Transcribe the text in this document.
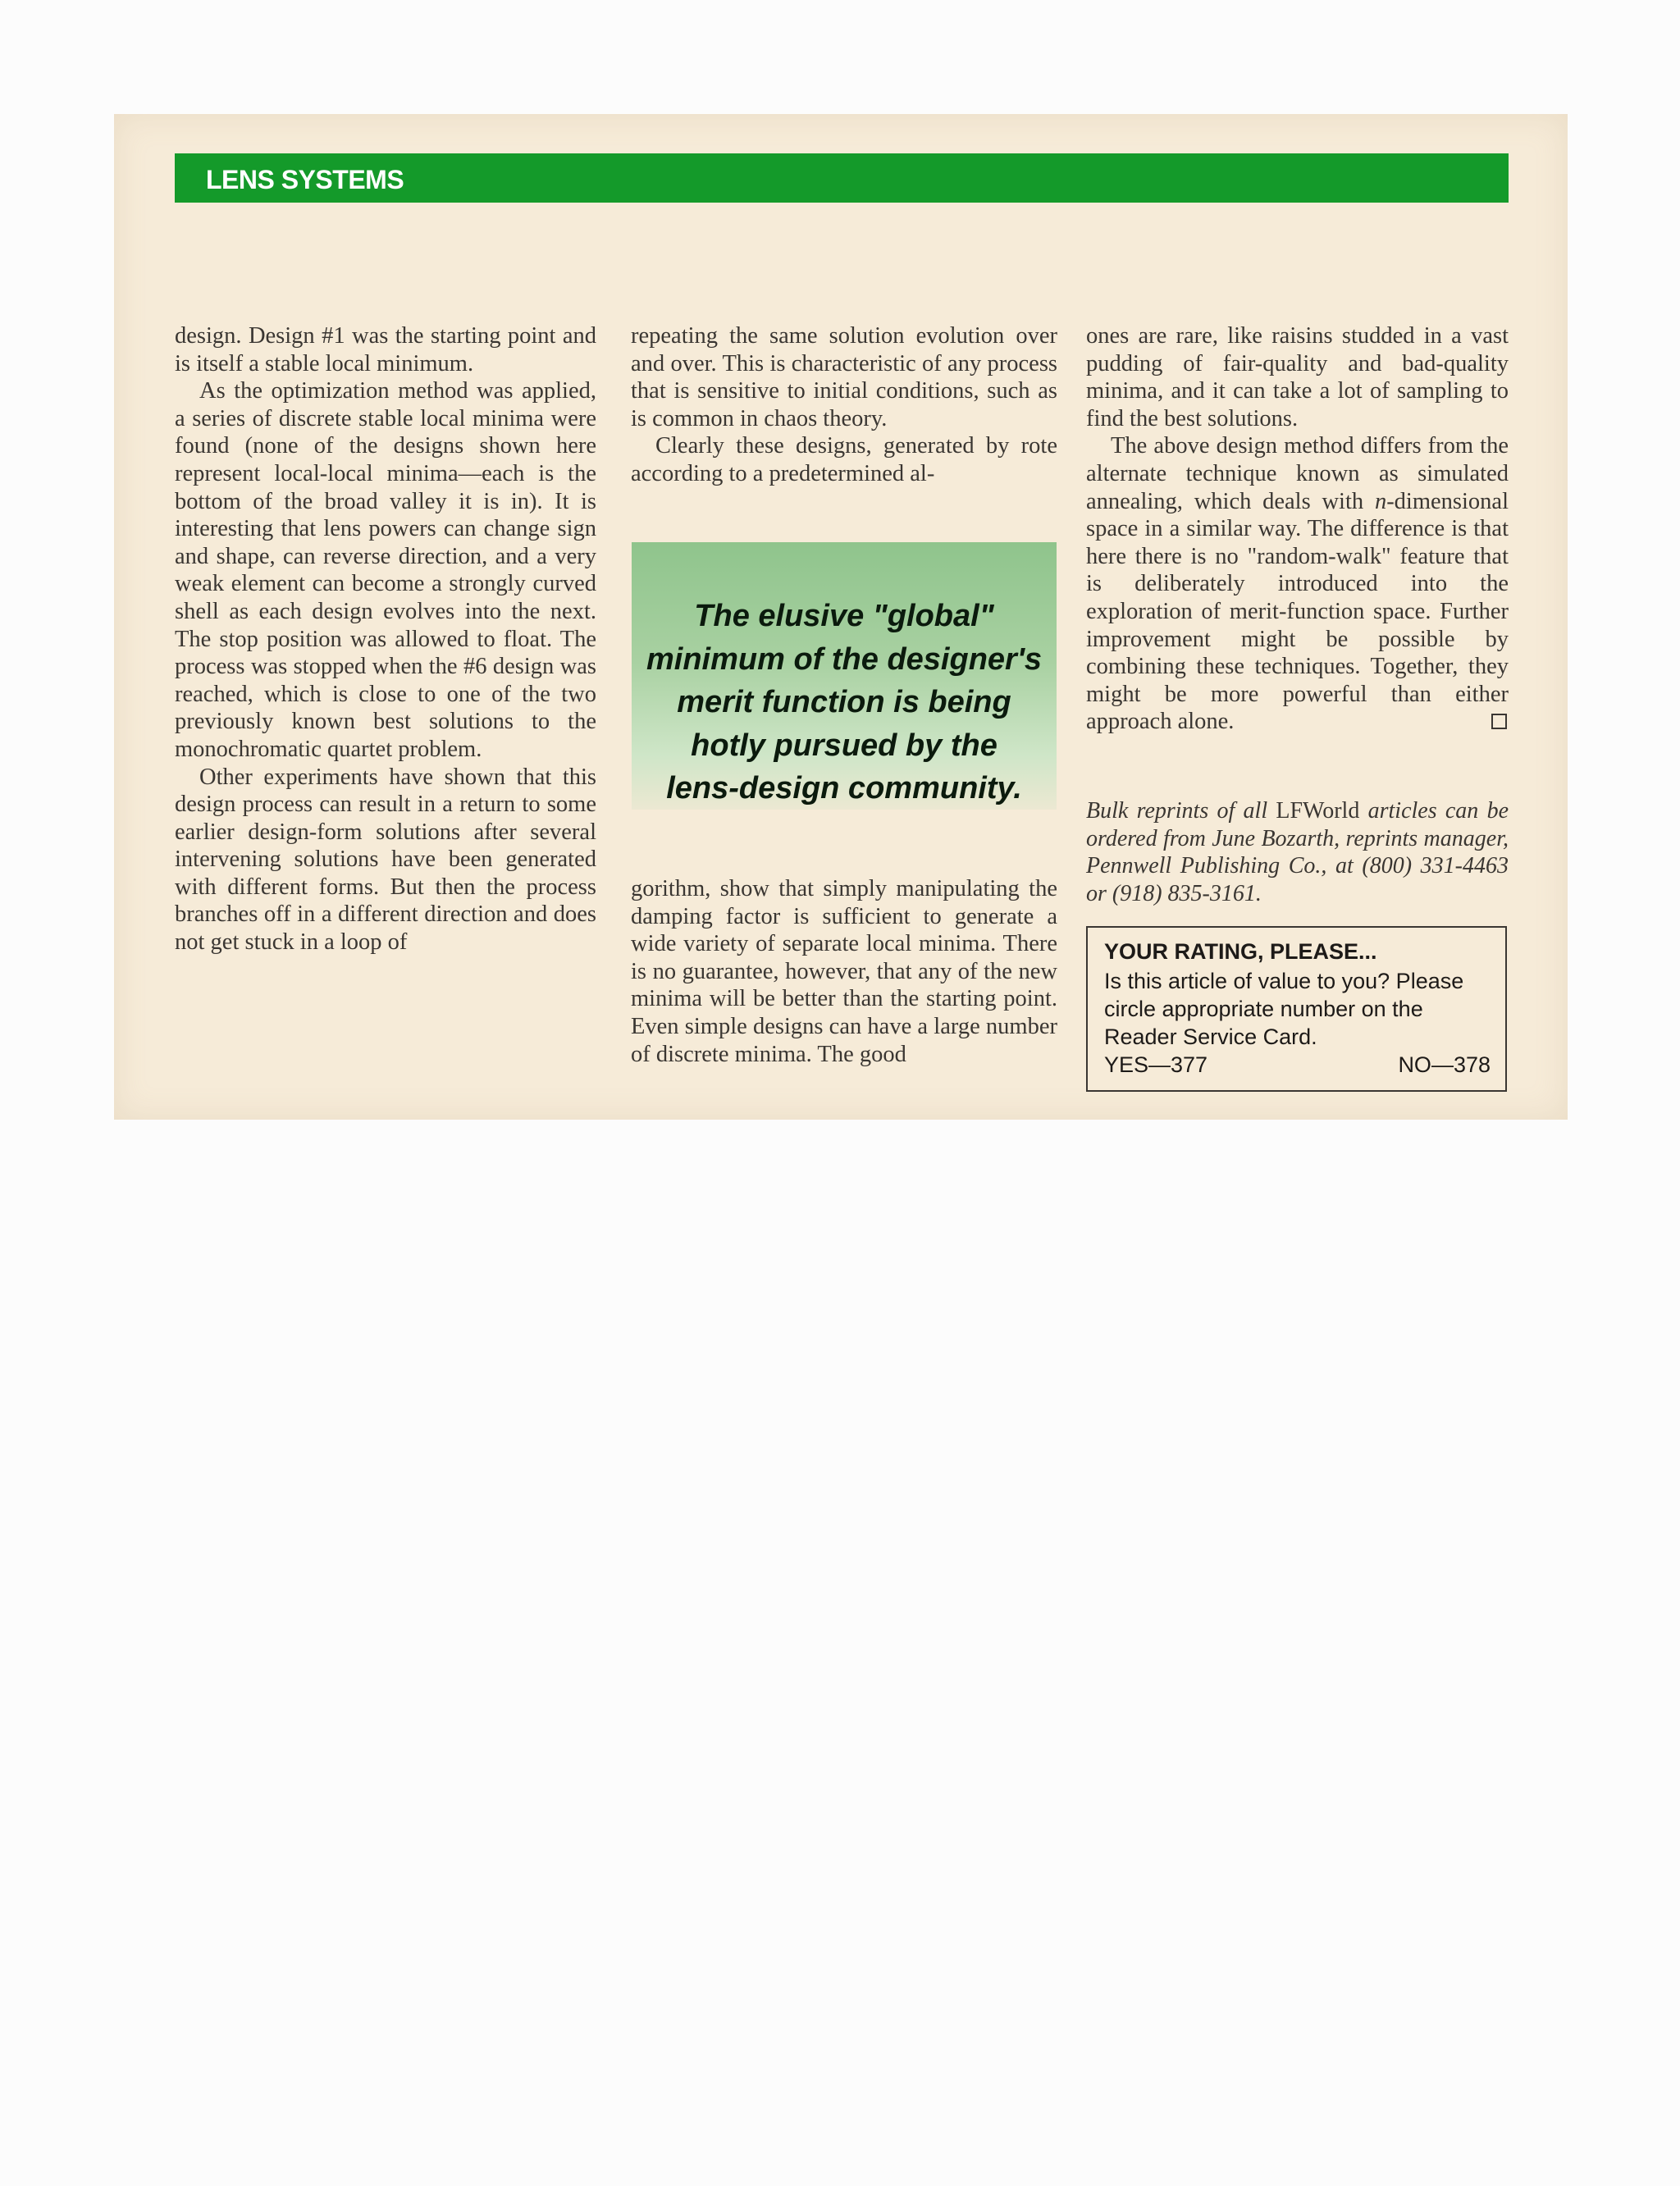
LENS SYSTEMS

design. Design #1 was the starting point and is itself a stable local minimum.

As the optimization method was applied, a series of discrete stable local minima were found (none of the designs shown here represent local-local minima—each is the bottom of the broad valley it is in). It is interesting that lens powers can change sign and shape, can reverse direction, and a very weak element can become a strongly curved shell as each design evolves into the next. The stop position was allowed to float. The process was stopped when the #6 design was reached, which is close to one of the two previously known best solutions to the monochromatic quartet problem.

Other experiments have shown that this design process can result in a return to some earlier design-form solutions after several intervening solutions have been generated with different forms. But then the process branches off in a different direction and does not get stuck in a loop of

repeating the same solution evolution over and over. This is characteristic of any process that is sensitive to initial conditions, such as is common in chaos theory.

Clearly these designs, generated by rote according to a predetermined al-

The elusive "global"
minimum of the designer's
merit function is being
hotly pursued by the
lens-design community.

gorithm, show that simply manipulating the damping factor is sufficient to generate a wide variety of separate local minima. There is no guarantee, however, that any of the new minima will be better than the starting point. Even simple designs can have a large number of discrete minima. The good

ones are rare, like raisins studded in a vast pudding of fair-quality and bad-quality minima, and it can take a lot of sampling to find the best solutions.

The above design method differs from the alternate technique known as simulated annealing, which deals with n-dimensional space in a similar way. The difference is that here there is no "random-walk" feature that is deliberately introduced into the exploration of merit-function space. Further improvement might be possible by combining these techniques. Together, they might be more powerful than either approach alone.

Bulk reprints of all LFWorld articles can be ordered from June Bozarth, reprints manager, Pennwell Publishing Co., at (800) 331-4463 or (918) 835-3161.
YOUR RATING, PLEASE...
Is this article of value to you? Please circle appropriate number on the Reader Service Card.
YES—377	NO—378
